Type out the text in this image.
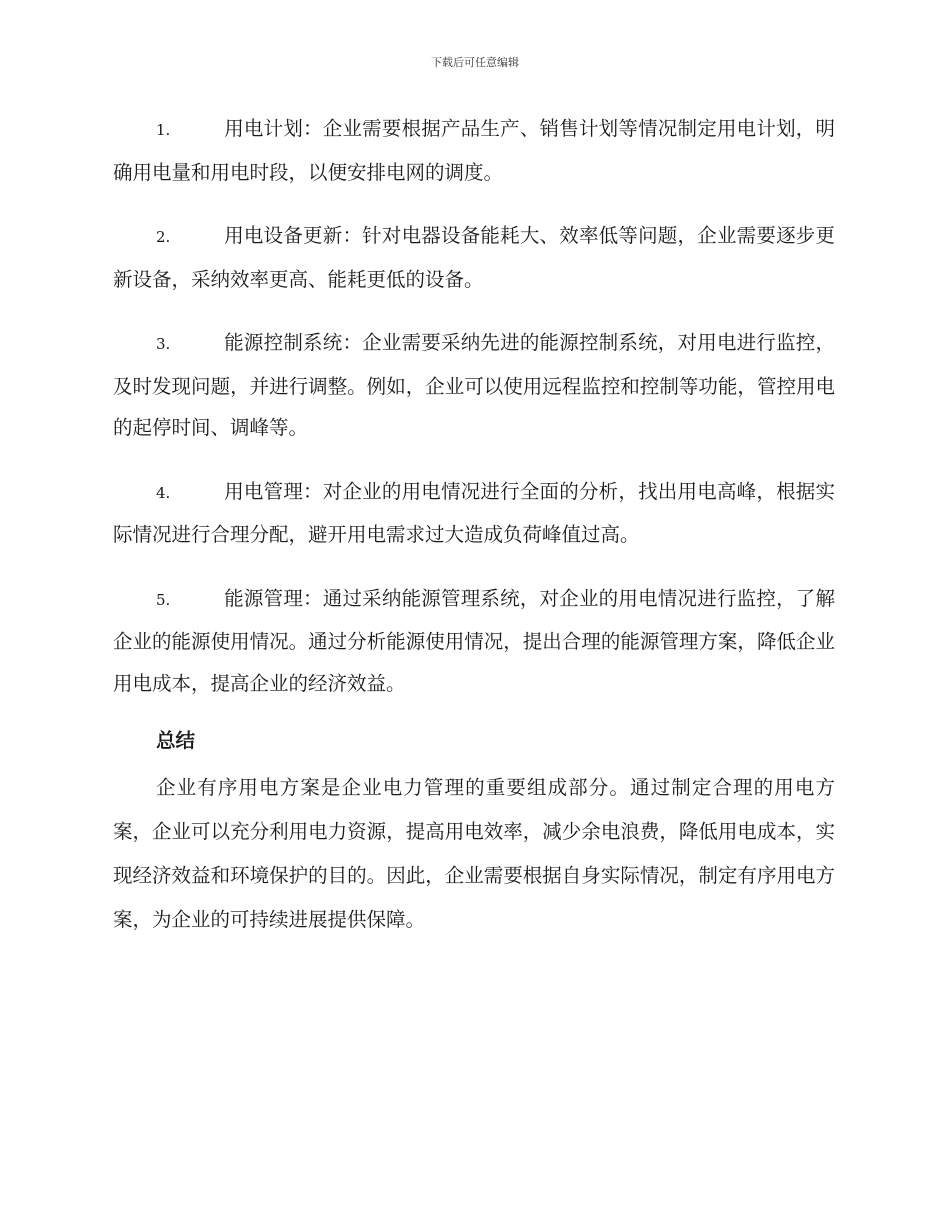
下载后可任意编辑
1.	用电计划：企业需要根据产品生产、销售计划等情况制定用电计划，明确用电量和用电时段，以便安排电网的调度。
2.	用电设备更新：针对电器设备能耗大、效率低等问题，企业需要逐步更新设备，采纳效率更高、能耗更低的设备。
3.	能源控制系统：企业需要采纳先进的能源控制系统，对用电进行监控，及时发现问题，并进行调整。例如，企业可以使用远程监控和控制等功能，管控用电的起停时间、调峰等。
4.	用电管理：对企业的用电情况进行全面的分析，找出用电高峰，根据实际情况进行合理分配，避开用电需求过大造成负荷峰值过高。
5.	能源管理：通过采纳能源管理系统，对企业的用电情况进行监控，了解企业的能源使用情况。通过分析能源使用情况，提出合理的能源管理方案，降低企业用电成本，提高企业的经济效益。
总结

企业有序用电方案是企业电力管理的重要组成部分。通过制定合理的用电方案，企业可以充分利用电力资源，提高用电效率，减少余电浪费，降低用电成本，实现经济效益和环境保护的目的。因此，企业需要根据自身实际情况，制定有序用电方案，为企业的可持续进展提供保障。
